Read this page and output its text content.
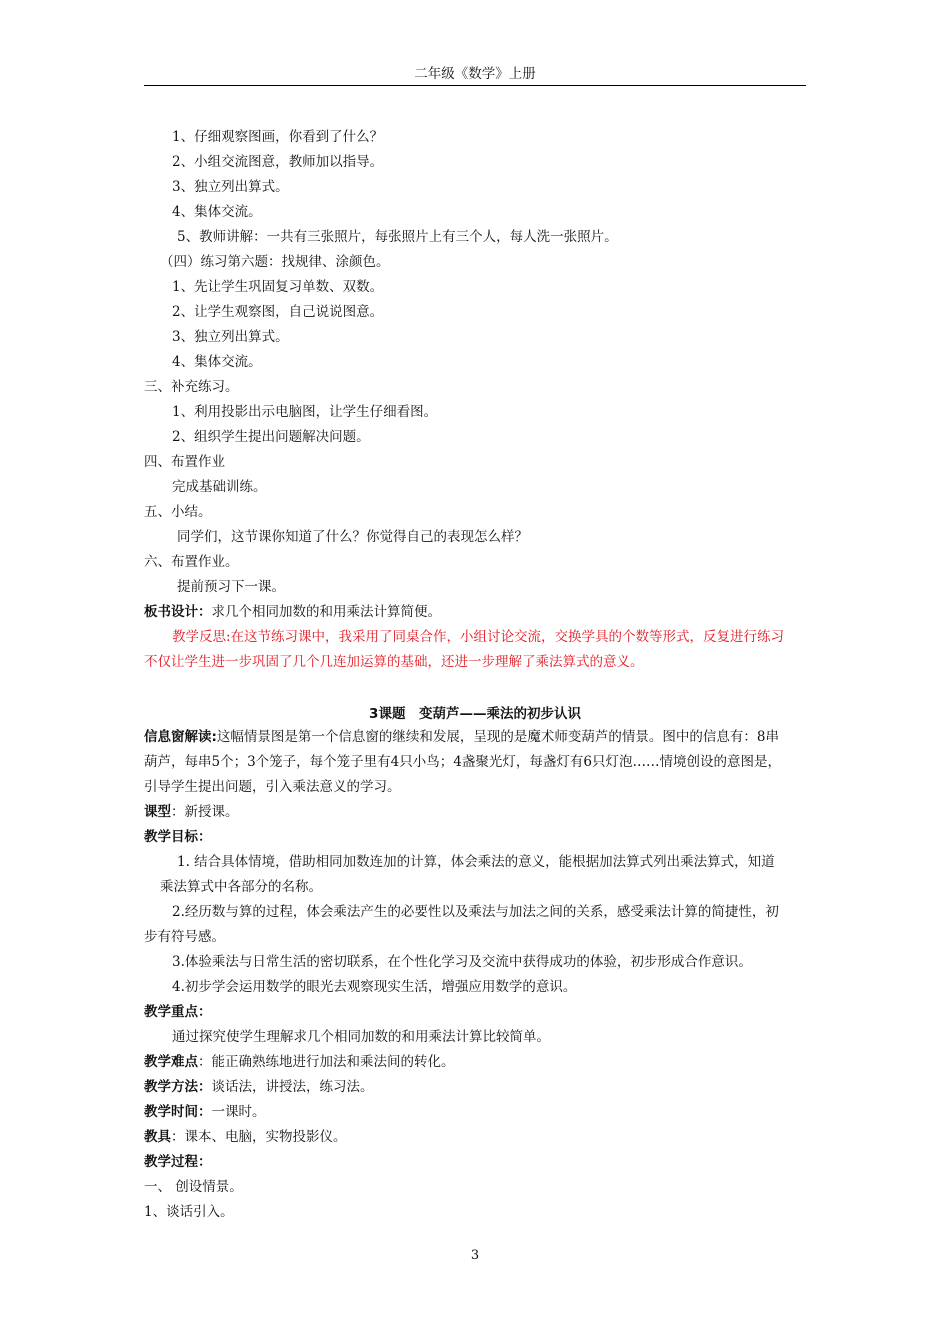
二年级《数学》上册
1、仔细观察图画，你看到了什么？
2、小组交流图意，教师加以指导。
3、独立列出算式。
4、集体交流。
5、教师讲解：一共有三张照片，每张照片上有三个人，每人洗一张照片。
（四）练习第六题：找规律、涂颜色。
1、先让学生巩固复习单数、双数。
2、让学生观察图，自己说说图意。
3、独立列出算式。
4、集体交流。
三、补充练习。
1、利用投影出示电脑图，让学生仔细看图。
2、组织学生提出问题解决问题。
四、布置作业
完成基础训练。
五、小结。
同学们，这节课你知道了什么？你觉得自己的表现怎么样？
六、布置作业。
提前预习下一课。
板书设计：求几个相同加数的和用乘法计算简便。
教学反思:在这节练习课中，我采用了同桌合作，小组讨论交流，交换学具的个数等形式，反复进行练习
不仅让学生进一步巩固了几个几连加运算的基础，还进一步理解了乘法算式的意义。
3课题　变葫芦——乘法的初步认识
信息窗解读:这幅情景图是第一个信息窗的继续和发展，呈现的是魔术师变葫芦的情景。图中的信息有：8串
葫芦，每串5个；3个笼子，每个笼子里有4只小鸟；4盏聚光灯，每盏灯有6只灯泡……情境创设的意图是，
引导学生提出问题，引入乘法意义的学习。
课型：新授课。
教学目标：
1. 结合具体情境，借助相同加数连加的计算，体会乘法的意义，能根据加法算式列出乘法算式，知道
乘法算式中各部分的名称。
2.经历数与算的过程，体会乘法产生的必要性以及乘法与加法之间的关系，感受乘法计算的简捷性，初
步有符号感。
3.体验乘法与日常生活的密切联系，在个性化学习及交流中获得成功的体验，初步形成合作意识。
4.初步学会运用数学的眼光去观察现实生活，增强应用数学的意识。
教学重点：
通过探究使学生理解求几个相同加数的和用乘法计算比较简单。
教学难点：能正确熟练地进行加法和乘法间的转化。
教学方法：谈话法，讲授法，练习法。
教学时间：一课时。
教具：课本、电脑，实物投影仪。
教学过程：
一、 创设情景。
1、谈话引入。
3
